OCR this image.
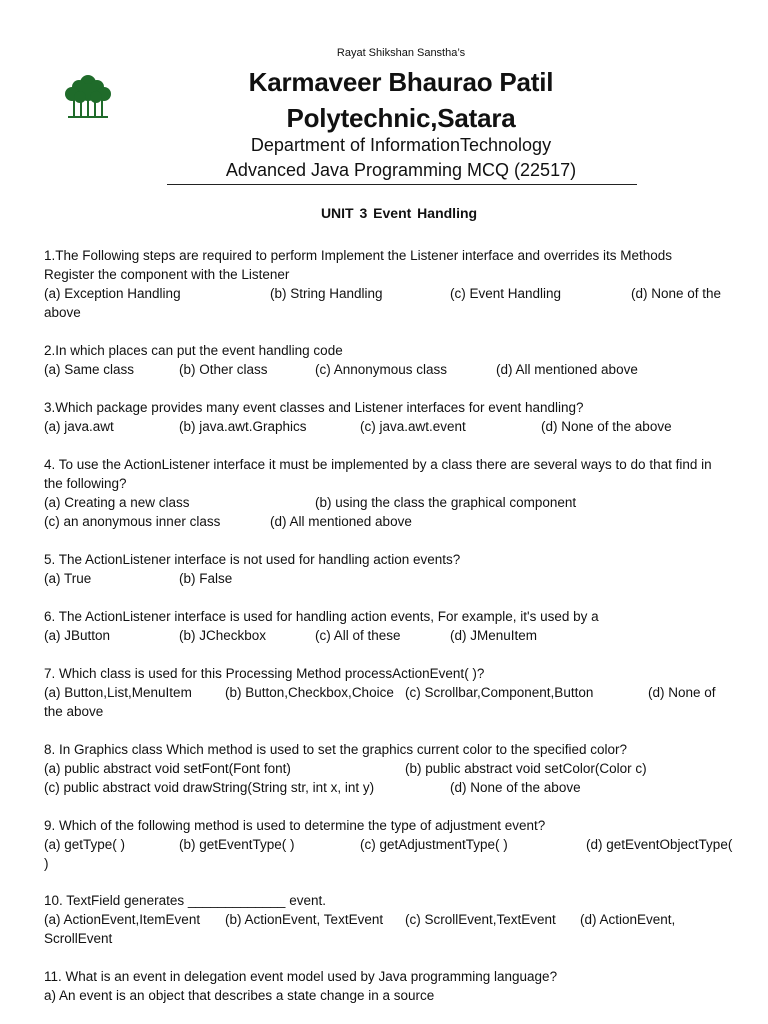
Rayat Shikshan Sanstha’s
Karmaveer Bhaurao Patil
Polytechnic,Satara
Department of InformationTechnology
Advanced Java Programming MCQ (22517)
UNIT 3 Event Handling

1.The Following steps are required to perform Implement the Listener interface and overrides its Methods

Register the component with the Listener

(a) Exception Handling	(b) String Handling	(c) Event Handling	(d) None of the

above

2.In which places can put the event handling code

(a) Same class	(b) Other class	(c) Annonymous class	(d) All mentioned above

3.Which package provides many event classes and Listener interfaces for event handling?

(a) java.awt	(b) java.awt.Graphics	(c) java.awt.event	(d) None of the above

4. To use the ActionListener interface it must be implemented by a class there are several ways to do that find in

the following?

(a) Creating a new class	(b) using the class the graphical component
(c) an anonymous inner class	(d) All mentioned above

5. The ActionListener interface is not used for handling action events?

(a) True	(b) False

6. The ActionListener interface is used for handling action events, For example, it's used by a

(a) JButton	(b) JCheckbox	(c) All of these	(d) JMenuItem

7. Which class is used for this Processing Method processActionEvent( )?

(a) Button,List,MenuItem (b) Button,Checkbox,Choice (c) Scrollbar,Component,Button	(d) None of

the above

8. In Graphics class Which method is used to set the graphics current color to the specified color?

(a) public abstract void setFont(Font font)	(b) public abstract void setColor(Color c)
(c) public abstract void drawString(String str, int x, int y)	(d) None of the above

9. Which of the following method is used to determine the type of adjustment event?

(a) getType( )	(b) getEventType( )	(c) getAdjustmentType( )	(d) getEventObjectType(

)

10. TextField generates _____________ event.

(a) ActionEvent,ItemEvent (b) ActionEvent, TextEvent (c) ScrollEvent,TextEvent (d) ActionEvent,

ScrollEvent

11. What is an event in delegation event model used by Java programming language?

a) An event is an object that describes a state change in a source
